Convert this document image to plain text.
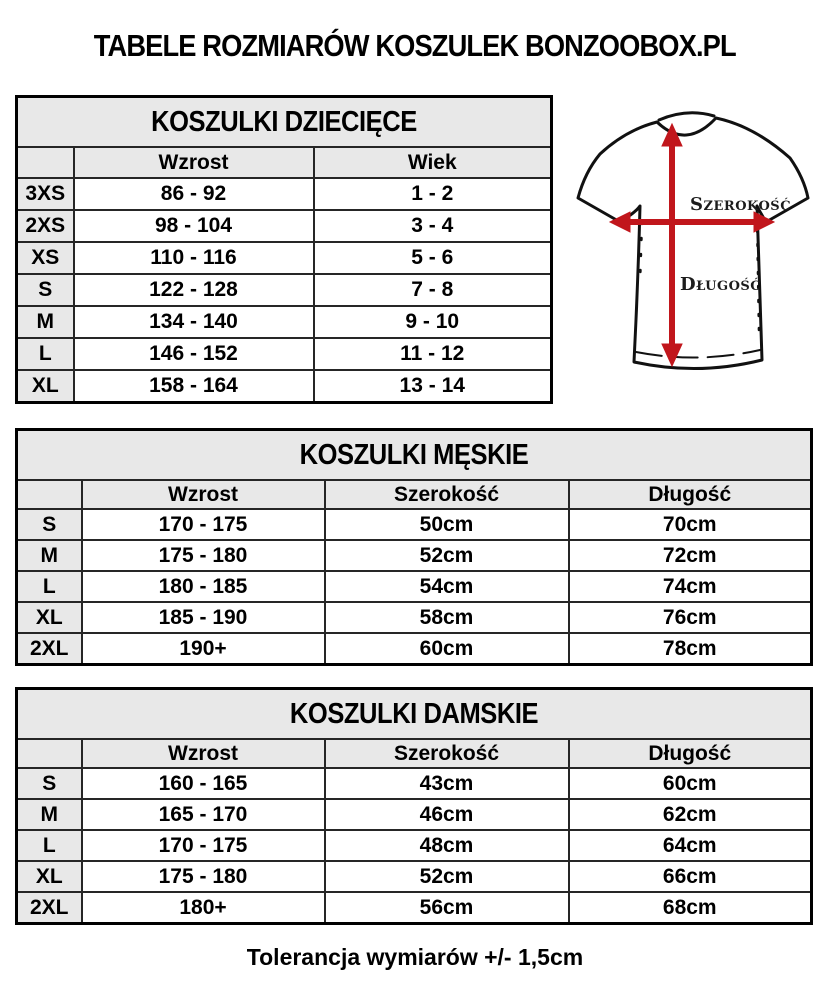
TABELE ROZMIARÓW KOSZULEK BONZOOBOX.PL
KOSZULKI DZIECIĘCE		
	Wzrost	Wiek
3XS	86 - 92	1 - 2
2XS	98 - 104	3 - 4
XS	110 - 116	5 - 6
S	122 - 128	7 - 8
M	134 - 140	9 - 10
L	146 - 152	11 - 12
XL	158 - 164	13 - 14
Szerokość
Długość
KOSZULKI MĘSKIE			
	Wzrost	Szerokość	Długość
S	170 - 175	50cm	70cm
M	175 - 180	52cm	72cm
L	180 - 185	54cm	74cm
XL	185 - 190	58cm	76cm
2XL	190+	60cm	78cm
KOSZULKI DAMSKIE			
	Wzrost	Szerokość	Długość
S	160 - 165	43cm	60cm
M	165 - 170	46cm	62cm
L	170 - 175	48cm	64cm
XL	175 - 180	52cm	66cm
2XL	180+	56cm	68cm
Tolerancja wymiarów +/- 1,5cm
